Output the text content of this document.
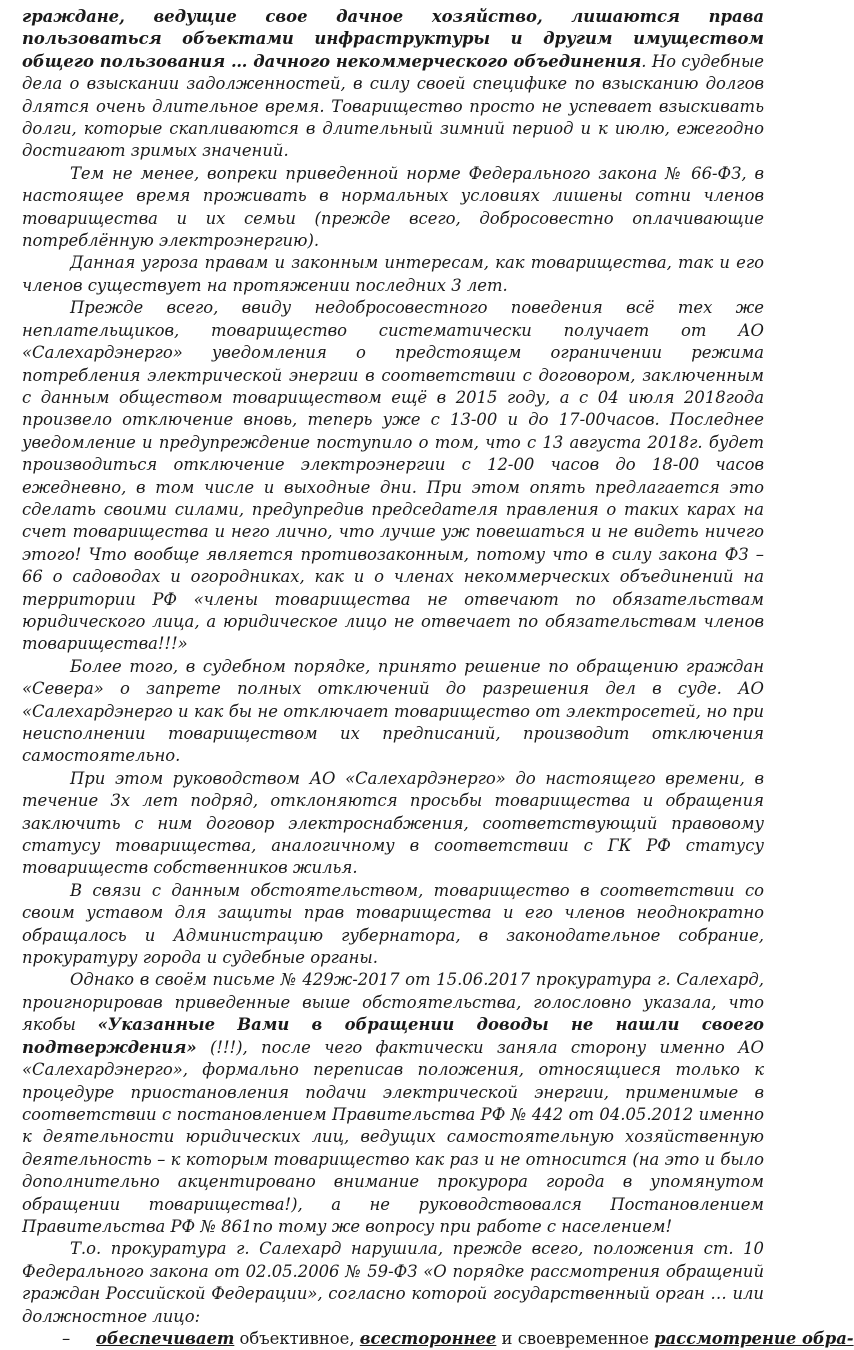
граждане, ведущие свое дачное хозяйство, лишаются права пользоваться объектами инфраструктуры и другим имуществом общего пользования … дачного некоммерческого объединения. Но судебные дела о взыскании задолженностей, в силу своей специфике по взысканию долгов длятся очень длительное время. Товарищество просто не успевает взыскивать долги, которые скапливаются в длительный зимний период и к июлю, ежегодно достигают зримых значений.

Тем не менее, вопреки приведенной норме Федерального закона № 66-ФЗ, в настоящее время проживать в нормальных условиях лишены сотни членов товарищества и их семьи (прежде всего, добросовестно оплачивающие потреблённую электроэнергию).

Данная угроза правам и законным интересам, как товарищества, так и его членов существует на протяжении последних 3 лет.

Прежде всего, ввиду недобросовестного поведения всё тех же неплательщиков, товарищество систематически получает от АО «Салехардэнерго» уведомления о предстоящем ограничении режима потребления электрической энергии в соответствии с договором, заключенным с данным обществом товариществом ещё в 2015 году, а с 04 июля 2018года произвело отключение вновь, теперь уже с 13-00 и до 17-00часов. Последнее уведомление и предупреждение поступило о том, что с 13 августа 2018г. будет производиться отключение электроэнергии с 12-00 часов до 18-00 часов ежедневно, в том числе и выходные дни. При этом опять предлагается это сделать своими силами, предупредив председателя правления о таких карах на счет товарищества и него лично, что лучше уж повешаться и не видеть ничего этого! Что вообще является противозаконным, потому что в силу закона ФЗ – 66 о садоводах и огородниках, как и о членах некоммерческих объединений на территории РФ «члены товарищества не отвечают по обязательствам юридического лица, а юридическое лицо не отвечает по обязательствам членов товарищества!!!»

Более того, в судебном порядке, принято решение по обращению граждан «Севера» о запрете полных отключений до разрешения дел в суде. АО «Салехардэнерго и как бы не отключает товарищество от электросетей, но при неисполнении товариществом их предписаний, производит отключения самостоятельно.

При этом руководством АО «Салехардэнерго» до настоящего времени, в течение 3х лет подряд, отклоняются просьбы товарищества и обращения заключить с ним договор электроснабжения, соответствующий правовому статусу товарищества, аналогичному в соответствии с ГК РФ статусу товариществ собственников жилья.

В связи с данным обстоятельством, товарищество в соответствии со своим уставом для защиты прав товарищества и его членов неоднократно обращалось и Администрацию губернатора, в законодательное собрание, прокуратуру города и судебные органы.

Однако в своём письме № 429ж-2017 от 15.06.2017 прокуратура г. Салехард, проигнорировав приведенные выше обстоятельства, голословно указала, что якобы «Указанные Вами в обращении доводы не нашли своего подтверждения» (!!!), после чего фактически заняла сторону именно АО «Салехардэнерго», формально переписав положения, относящиеся только к процедуре приостановления подачи электрической энергии, применимые в соответствии с постановлением Правительства РФ № 442 от 04.05.2012 именно к деятельности юридических лиц, ведущих самостоятельную хозяйственную деятельность – к которым товарищество как раз и не относится (на это и было дополнительно акцентировано внимание прокурора города в упомянутом обращении товарищества!), а не руководствовался Постановлением Правительства РФ № 861по тому же вопросу при работе с населением!

Т.о. прокуратура г. Салехард нарушила, прежде всего, положения ст. 10 Федерального закона от 02.05.2006 № 59-ФЗ «О порядке рассмотрения обращений граждан Российской Федерации», согласно которой государственный орган … или должностное лицо:

– обеспечивает объективное, всестороннее и своевременное рассмотрение обра-
